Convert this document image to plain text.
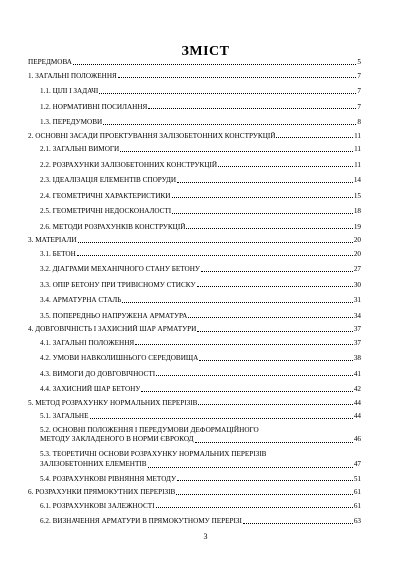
ЗМІСТ
ПЕРЕДМОВА	5
1. ЗАГАЛЬНІ ПОЛОЖЕННЯ	7
1.1. ЦІЛІ І ЗАДАЧІ	7
1.2. НОРМАТИВНІ ПОСИЛАННЯ	7
1.3. ПЕРЕДУМОВИ	8
2. ОСНОВНІ ЗАСАДИ ПРОЕКТУВАННЯ ЗАЛІЗОБЕТОННИХ КОНСТРУКЦІЙ	11
2.1. ЗАГАЛЬНІ ВИМОГИ	11
2.2. РОЗРАХУНКИ ЗАЛІЗОБЕТОННИХ КОНСТРУКЦІЙ	11
2.3. ІДЕАЛІЗАЦІЯ ЕЛЕМЕНТІВ СПОРУДИ	14
2.4. ГЕОМЕТРИЧНІ ХАРАКТЕРИСТИКИ	15
2.5. ГЕОМЕТРИЧНІ НЕДОСКОНАЛОСТІ	18
2.6. МЕТОДИ РОЗРАХУНКІВ КОНСТРУКЦІЙ	19
3. МАТЕРІАЛИ	20
3.1. БЕТОН	20
3.2. ДІАГРАМИ МЕХАНІЧНОГО СТАНУ БЕТОНУ	27
3.3. ОПІР БЕТОНУ ПРИ ТРИВІСНОМУ СТИСКУ	30
3.4. АРМАТУРНА СТАЛЬ	31
3.5. ПОПЕРЕДНЬО НАПРУЖЕНА АРМАТУРА	34
4. ДОВГОВІЧНІСТЬ І ЗАХИСНИЙ ШАР АРМАТУРИ	37
4.1. ЗАГАЛЬНІ ПОЛОЖЕННЯ	37
4.2. УМОВИ НАВКОЛИШНЬОГО СЕРЕДОВИЩА	38
4.3. ВИМОГИ ДО ДОВГОВІЧНОСТІ	41
4.4. ЗАХИСНИЙ ШАР БЕТОНУ	42
5. МЕТОД РОЗРАХУНКУ НОРМАЛЬНИХ ПЕРЕРІЗІВ	44
5.1. ЗАГАЛЬНЕ	44
5.2. ОСНОВНІ ПОЛОЖЕННЯ І ПЕРЕДУМОВИ ДЕФОРМАЦІЙНОГО
МЕТОДУ ЗАКЛАДЕНОГО В НОРМИ ЄВРОКОД	46
5.3. ТЕОРЕТИЧНІ ОСНОВИ РОЗРАХУНКУ НОРМАЛЬНИХ ПЕРЕРІЗІВ
ЗАЛІЗОБЕТОННИХ ЕЛЕМЕНТІВ	47
5.4. РОЗРАХУНКОВІ РІВНЯННЯ МЕТОДУ	51
6. РОЗРАХУНКИ ПРЯМОКУТНИХ ПЕРЕРІЗІВ	61
6.1. РОЗРАХУНКОВІ ЗАЛЕЖНОСТІ	61
6.2. ВИЗНАЧЕННЯ АРМАТУРИ В ПРЯМОКУТНОМУ ПЕРЕРІЗІ	63
3
